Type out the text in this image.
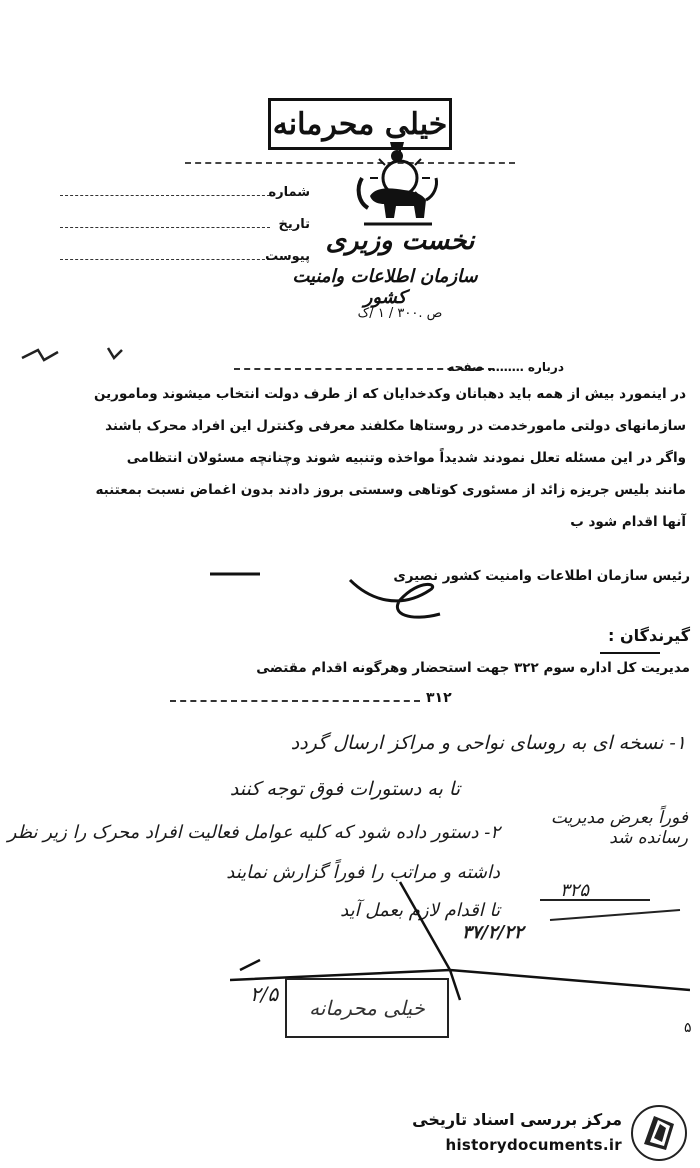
خیلی محرمانه
شماره
تاریخ
پیوست
نخست وزیری
سازمان اطلاعات وامنیت کشور
ص .۳۰۰ / ۱ /ک
درباره ……… صفحه
در اینمورد بیش از همه باید دهبانان وکدخدایان که از طرف دولت انتخاب میشوند ومامورین
سازمانهای دولتی مامورخدمت در روستاها مکلفند معرفی وکنترل این افراد محرک باشند
واگر در این مسئله تعلل نمودند شدیداً مواخذه وتنبیه شوند وچنانچه مسئولان انتظامی
مانند بلیس جریزه زائد از مسئوری کوتاهی وسستی بروز دادند بدون اغماض نسبت بمعتنبه
آنها اقدام شود ب
رئیس سازمان اطلاعات وامنیت کشور نصیری
گیرندگان :
مدیریت کل اداره سوم ۳۲۲ جهت استحضار وهرگونه اقدام مقتضی
۳۱۲
۱- نسخه ای به روسای نواحی و مراکز ارسال گردد
تا به دستورات فوق توجه کنند
۲- دستور داده شود که کلیه عوامل فعالیت افراد محرک را زیر نظر
داشته و مراتب را فوراً گزارش نمایند
تا اقدام لازم بعمل آید
فوراً بعرض مدیریت رسانده شد
۳۲۵
۳۷/۲/۲۲
۲/۵
خیلی محرمانه
۵
مرکز بررسی اسناد تاریخی
historydocuments.ir
